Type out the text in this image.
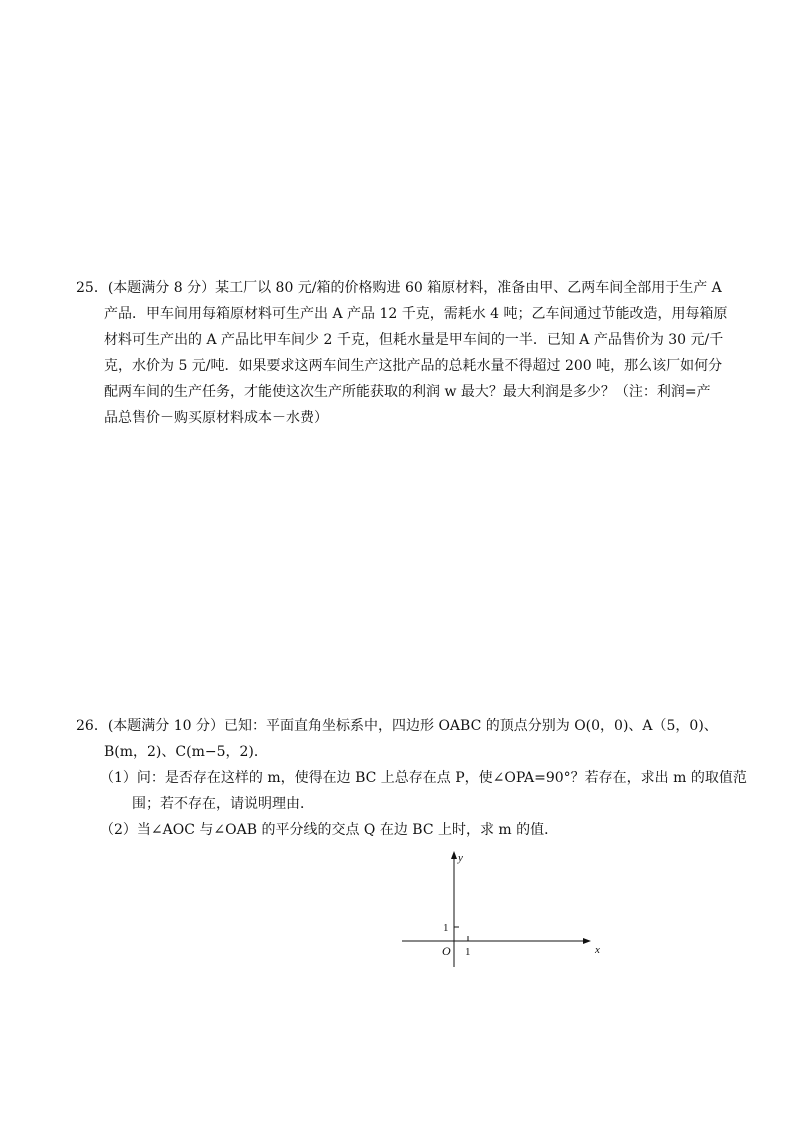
25．(本题满分 8 分）某工厂以 80 元/箱的价格购进 60 箱原材料，准备由甲、乙两车间全部用于生产 A
产品．甲车间用每箱原材料可生产出 A 产品 12 千克，需耗水 4 吨；乙车间通过节能改造，用每箱原
材料可生产出的 A 产品比甲车间少 2 千克，但耗水量是甲车间的一半．已知 A 产品售价为 30 元/千
克，水价为 5 元/吨．如果要求这两车间生产这批产品的总耗水量不得超过 200 吨，那么该厂如何分
配两车间的生产任务，才能使这次生产所能获取的利润 w 最大？最大利润是多少？（注：利润=产
品总售价－购买原材料成本－水费）
26．(本题满分 10 分）已知：平面直角坐标系中，四边形 OABC 的顶点分别为 O(0，0)、A（5，0)、
B(m，2)、C(m−5，2)．
（1）问：是否存在这样的 m，使得在边 BC 上总存在点 P，使∠OPA=90°？若存在，求出 m 的取值范
围；若不存在，请说明理由．
（2）当∠AOC 与∠OAB 的平分线的交点 Q 在边 BC 上时，求 m 的值．
y
x
O 1
1
